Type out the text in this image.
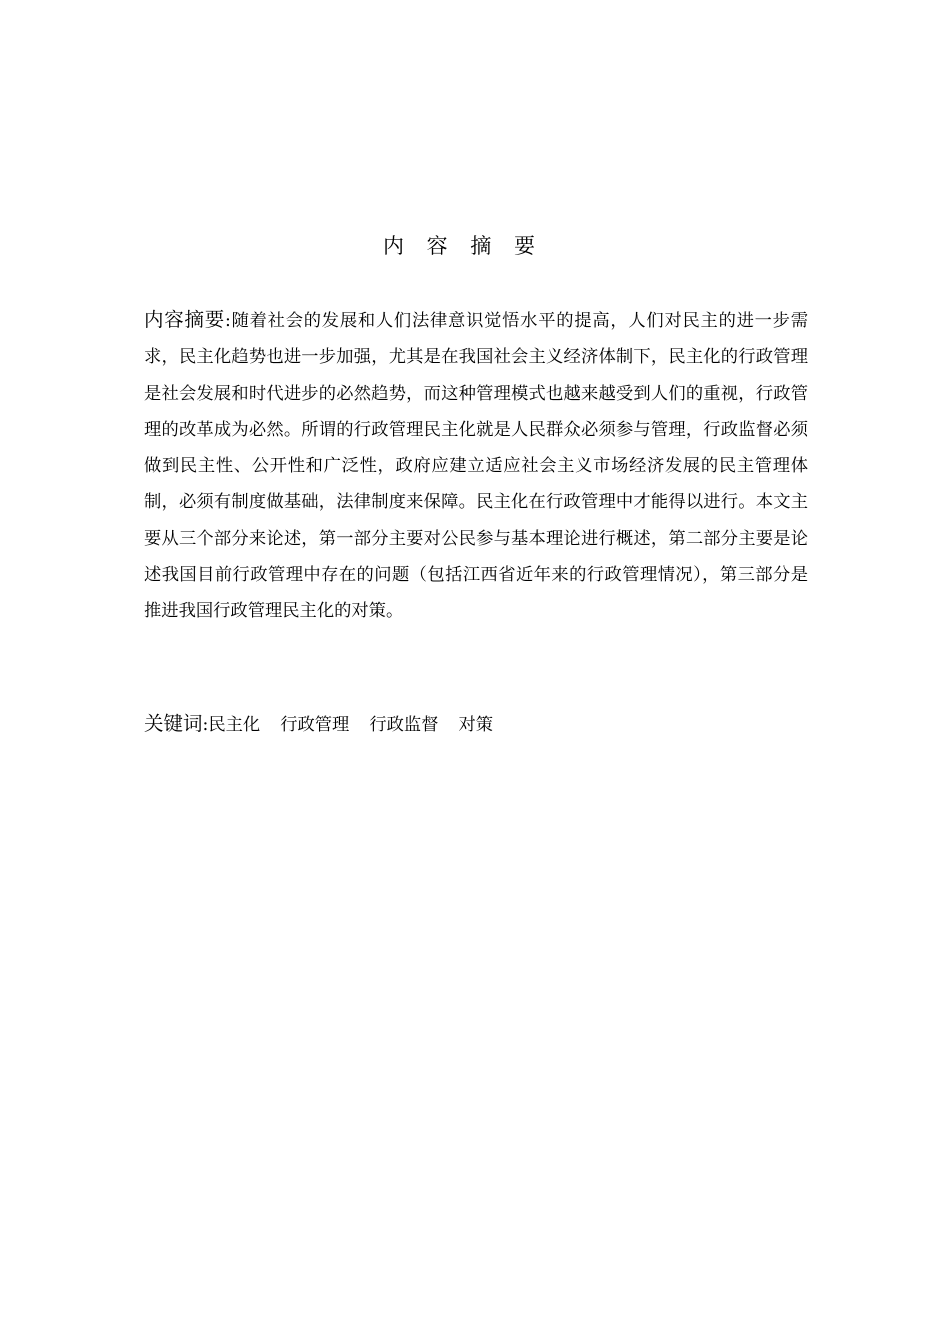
内 容 摘 要

内容摘要:随着社会的发展和人们法律意识觉悟水平的提高，人们对民主的进一步需求，民主化趋势也进一步加强，尤其是在我国社会主义经济体制下，民主化的行政管理是社会发展和时代进步的必然趋势，而这种管理模式也越来越受到人们的重视，行政管理的改革成为必然。所谓的行政管理民主化就是人民群众必须参与管理，行政监督必须做到民主性、公开性和广泛性，政府应建立适应社会主义市场经济发展的民主管理体制，必须有制度做基础，法律制度来保障。民主化在行政管理中才能得以进行。本文主要从三个部分来论述，第一部分主要对公民参与基本理论进行概述，第二部分主要是论述我国目前行政管理中存在的问题（包括江西省近年来的行政管理情况），第三部分是推进我国行政管理民主化的对策。

关键词:民主化 行政管理 行政监督 对策
